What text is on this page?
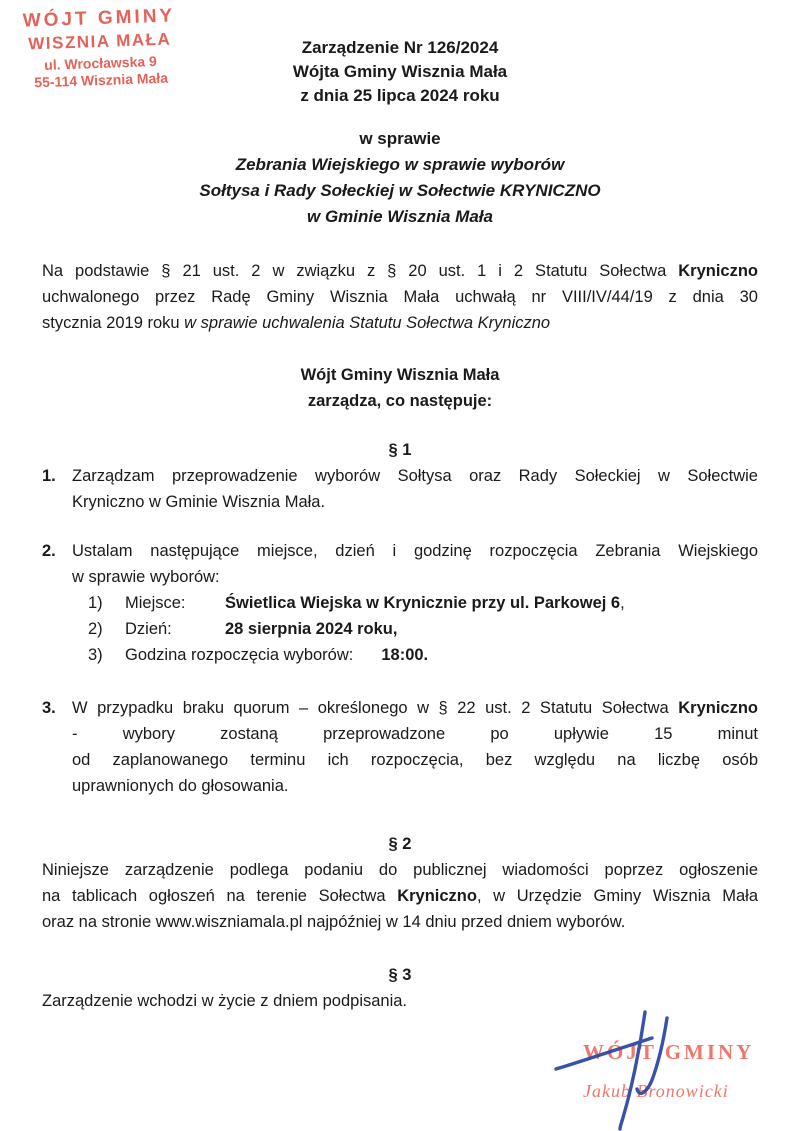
WÓJT GMINY
WISZNIA MAŁA
ul. Wrocławska 9
55-114 Wisznia Mała
Zarządzenie Nr 126/2024
Wójta Gminy Wisznia Mała
z dnia 25 lipca 2024 roku
w sprawie
Zebrania Wiejskiego w sprawie wyborów
Sołtysa i Rady Sołeckiej w Sołectwie KRYNICZNO
w Gminie Wisznia Mała
Na podstawie § 21 ust. 2 w związku z § 20 ust. 1 i 2 Statutu Sołectwa Kryniczno
uchwalonego przez Radę Gminy Wisznia Mała uchwałą nr VIII/IV/44/19 z dnia 30
stycznia 2019 roku w sprawie uchwalenia Statutu Sołectwa Kryniczno
Wójt Gminy Wisznia Mała
zarządza, co następuje:
§ 1
1. Zarządzam przeprowadzenie wyborów Sołtysa oraz Rady Sołeckiej w Sołectwie
Kryniczno w Gminie Wisznia Mała.
2. Ustalam następujące miejsce, dzień i godzinę rozpoczęcia Zebrania Wiejskiego
w sprawie wyborów:
1)	Miejsce:	Świetlica Wiejska w Krynicznie przy ul. Parkowej 6,
2)	Dzień:	28 sierpnia 2024 roku,
3)	Godzina rozpoczęcia wyborów: 18:00.
3. W przypadku braku quorum – określonego w § 22 ust. 2 Statutu Sołectwa Kryniczno
- wybory zostaną przeprowadzone po upływie 15 minut
od zaplanowanego terminu ich rozpoczęcia, bez względu na liczbę osób
uprawnionych do głosowania.
§ 2
Niniejsze zarządzenie podlega podaniu do publicznej wiadomości poprzez ogłoszenie
na tablicach ogłoszeń na terenie Sołectwa Kryniczno, w Urzędzie Gminy Wisznia Mała
oraz na stronie www.wiszniamala.pl najpóźniej w 14 dniu przed dniem wyborów.
§ 3
Zarządzenie wchodzi w życie z dniem podpisania.
WÓJT GMINY
Jakub Bronowicki
